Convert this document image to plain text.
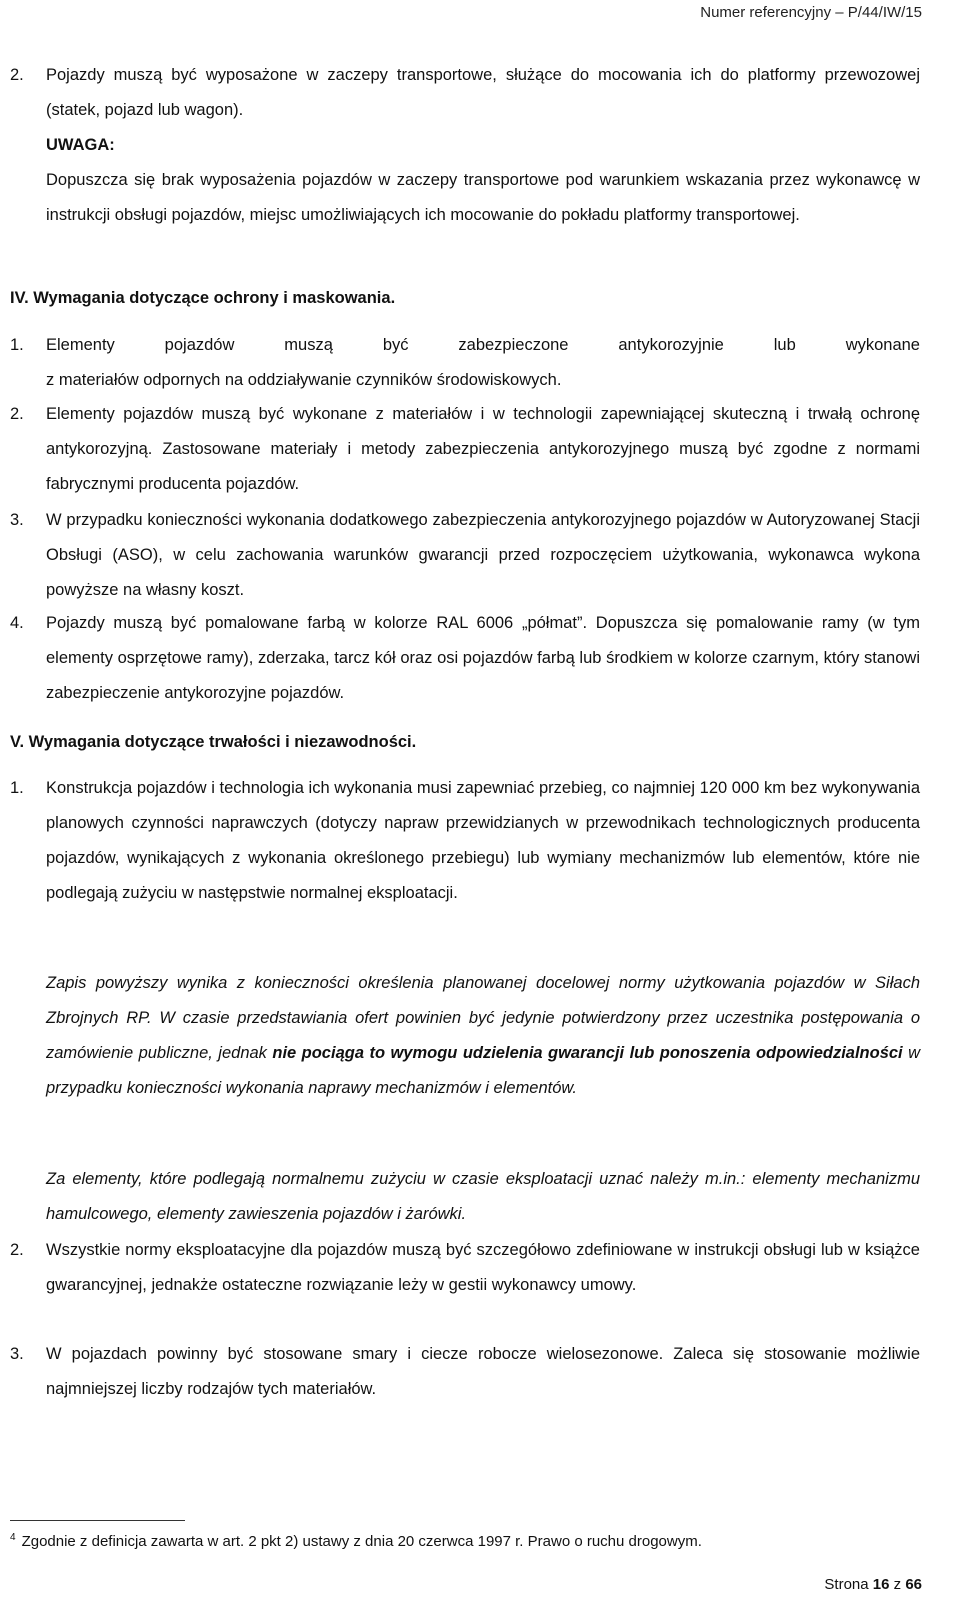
Numer referencyjny – P/44/IW/15
2.	Pojazdy muszą być wyposażone w zaczepy transportowe, służące do mocowania ich do platformy przewozowej (statek, pojazd lub wagon).
UWAGA:
Dopuszcza się brak wyposażenia pojazdów w zaczepy transportowe pod warunkiem wskazania przez wykonawcę w instrukcji obsługi pojazdów, miejsc umożliwiających ich mocowanie do pokładu platformy transportowej.
IV. Wymagania dotyczące ochrony i maskowania.
1.	Elementy pojazdów muszą być zabezpieczone antykorozyjnie lub wykonane
z materiałów odpornych na oddziaływanie czynników środowiskowych.
2.	Elementy pojazdów muszą być wykonane z materiałów i w technologii zapewniającej skuteczną i trwałą ochronę antykorozyjną. Zastosowane materiały i metody zabezpieczenia antykorozyjnego muszą być zgodne z normami fabrycznymi producenta pojazdów.
3.	W przypadku konieczności wykonania dodatkowego zabezpieczenia antykorozyjnego pojazdów w Autoryzowanej Stacji Obsługi (ASO), w celu zachowania warunków gwarancji przed rozpoczęciem użytkowania, wykonawca wykona powyższe na własny koszt.
4.	Pojazdy muszą być pomalowane farbą w kolorze RAL 6006 „półmat”. Dopuszcza się pomalowanie ramy (w tym elementy osprzętowe ramy), zderzaka, tarcz kół oraz osi pojazdów farbą lub środkiem w kolorze czarnym, który stanowi zabezpieczenie antykorozyjne pojazdów.
V. Wymagania dotyczące trwałości i niezawodności.
1.	Konstrukcja pojazdów i technologia ich wykonania musi zapewniać przebieg, co najmniej 120 000 km bez wykonywania planowych czynności naprawczych (dotyczy napraw przewidzianych w przewodnikach technologicznych producenta pojazdów, wynikających z wykonania określonego przebiegu) lub wymiany mechanizmów lub elementów, które nie podlegają zużyciu w następstwie normalnej eksploatacji.
Zapis powyższy wynika z konieczności określenia planowanej docelowej normy użytkowania pojazdów w Siłach Zbrojnych RP. W czasie przedstawiania ofert powinien być jedynie potwierdzony przez uczestnika postępowania o zamówienie publiczne, jednak nie pociąga to wymogu udzielenia gwarancji lub ponoszenia odpowiedzialności w przypadku konieczności wykonania naprawy mechanizmów i elementów.
Za elementy, które podlegają normalnemu zużyciu w czasie eksploatacji uznać należy m.in.: elementy mechanizmu hamulcowego, elementy zawieszenia pojazdów i żarówki.
2.	Wszystkie normy eksploatacyjne dla pojazdów muszą być szczegółowo zdefiniowane w instrukcji obsługi lub w książce gwarancyjnej, jednakże ostateczne rozwiązanie leży w gestii wykonawcy umowy.
3.	W pojazdach powinny być stosowane smary i ciecze robocze wielosezonowe. Zaleca się stosowanie możliwie najmniejszej liczby rodzajów tych materiałów.
$^4$ Zgodnie z definicja zawarta w art. 2 pkt 2) ustawy z dnia 20 czerwca 1997 r. Prawo o ruchu drogowym.
Strona 16 z 66
